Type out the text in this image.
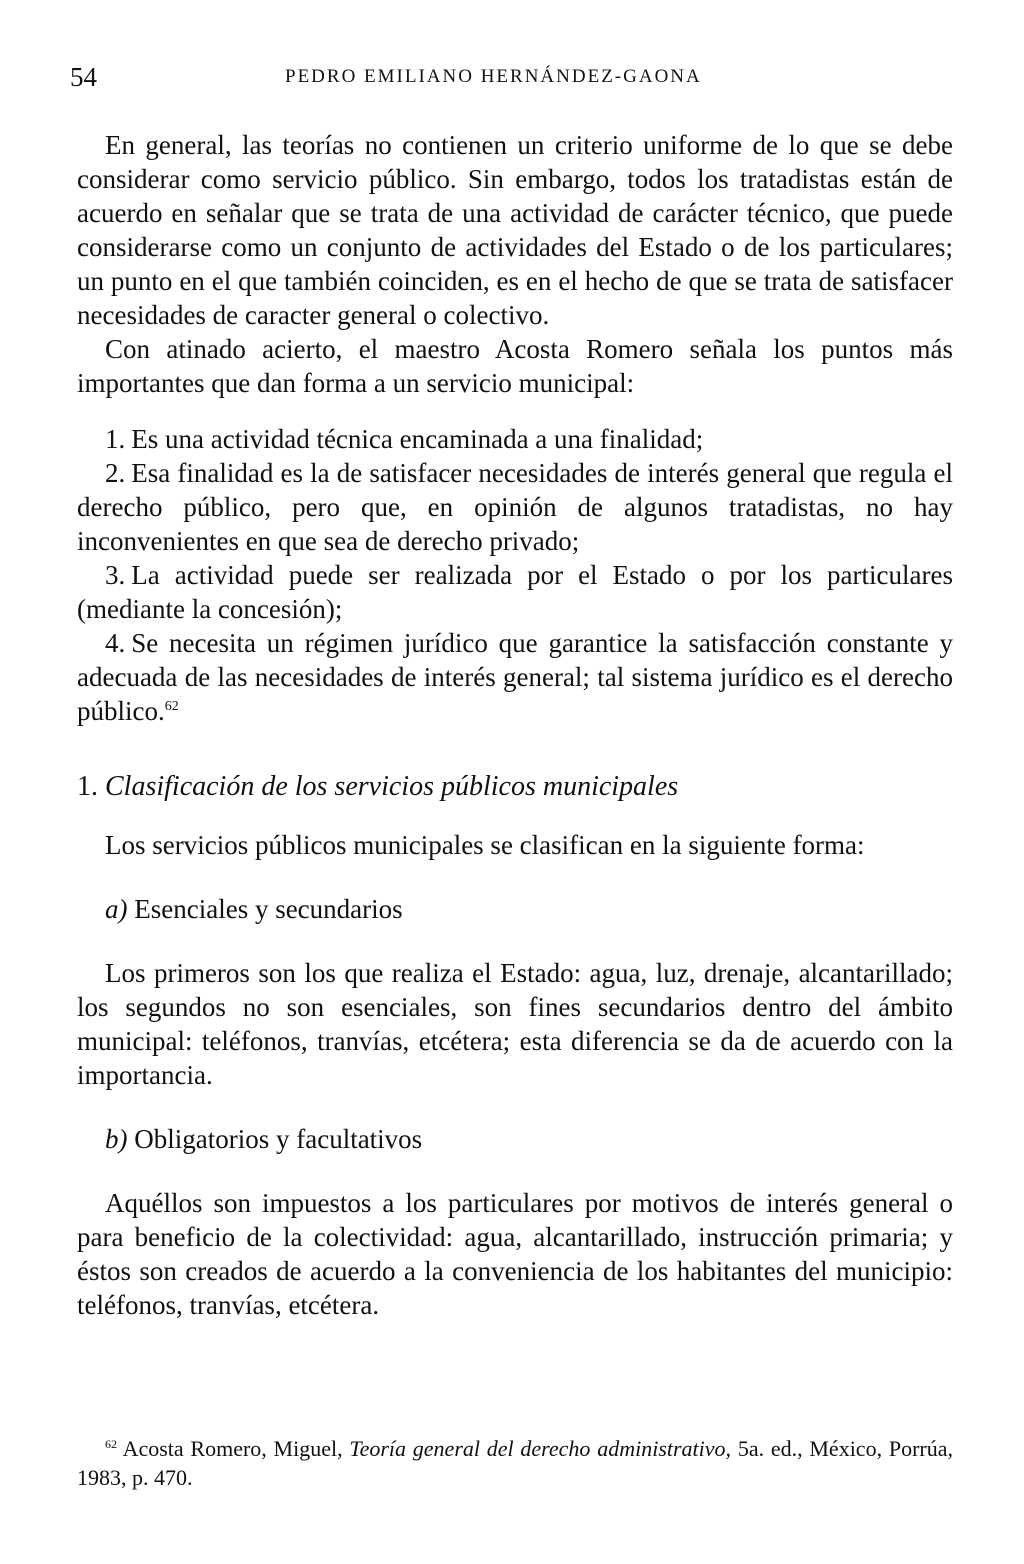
54	PEDRO EMILIANO HERNÁNDEZ-GAONA

En general, las teorías no contienen un criterio uniforme de lo que se debe considerar como servicio público. Sin embargo, todos los tratadistas están de acuerdo en señalar que se trata de una actividad de carácter técnico, que puede considerarse como un conjunto de actividades del Estado o de los particulares; un punto en el que también coinciden, es en el hecho de que se trata de satisfacer necesidades de caracter general o colectivo.

Con atinado acierto, el maestro Acosta Romero señala los puntos más importantes que dan forma a un servicio municipal:

1. Es una actividad técnica encaminada a una finalidad;

2. Esa finalidad es la de satisfacer necesidades de interés general que regula el derecho público, pero que, en opinión de algunos tratadistas, no hay inconvenientes en que sea de derecho privado;

3. La actividad puede ser realizada por el Estado o por los particulares (mediante la concesión);

4. Se necesita un régimen jurídico que garantice la satisfacción constante y adecuada de las necesidades de interés general; tal sistema jurídico es el derecho público.$^{62}$

1. Clasificación de los servicios públicos municipales

Los servicios públicos municipales se clasifican en la siguiente forma:

a) Esenciales y secundarios

Los primeros son los que realiza el Estado: agua, luz, drenaje, alcantarillado; los segundos no son esenciales, son fines secundarios dentro del ámbito municipal: teléfonos, tranvías, etcétera; esta diferencia se da de acuerdo con la importancia.

b) Obligatorios y facultativos

Aquéllos son impuestos a los particulares por motivos de interés general o para beneficio de la colectividad: agua, alcantarillado, instrucción primaria; y éstos son creados de acuerdo a la conveniencia de los habitantes del municipio: teléfonos, tranvías, etcétera.

$^{62}$ Acosta Romero, Miguel, Teoría general del derecho administrativo, 5a. ed., México, Porrúa, 1983, p. 470.
